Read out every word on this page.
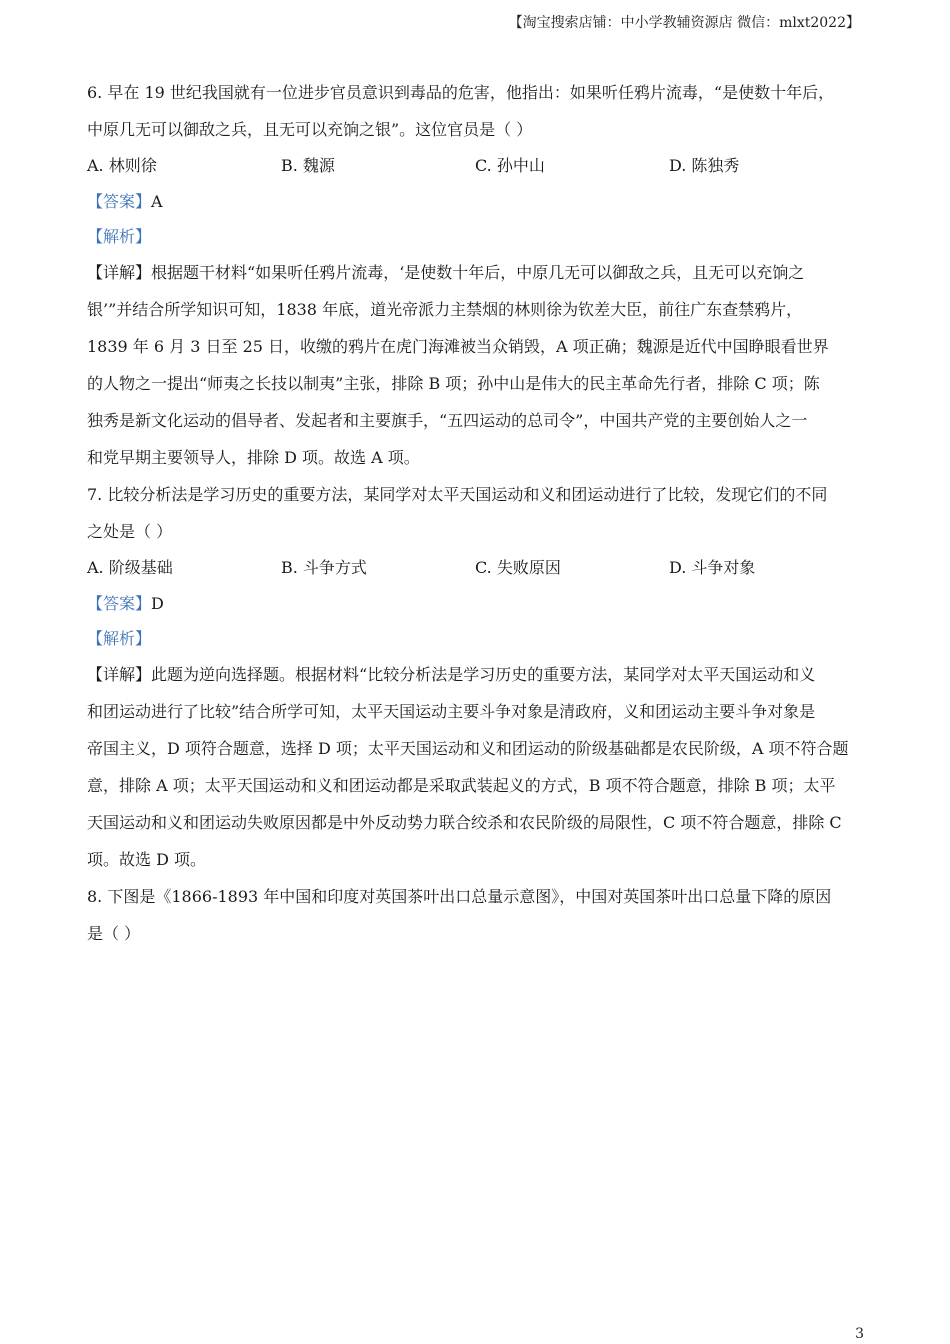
【淘宝搜索店铺：中小学教辅资源店 微信：mlxt2022】
6. 早在 19 世纪我国就有一位进步官员意识到毒品的危害，他指出：如果听任鸦片流毒，“是使数十年后，
中原几无可以御敌之兵，且无可以充饷之银”。这位官员是（ ）
A. 林则徐	B. 魏源	C. 孙中山	D. 陈独秀
【答案】A
【解析】
【详解】根据题干材料“如果听任鸦片流毒，‘是使数十年后，中原几无可以御敌之兵，且无可以充饷之
银’”并结合所学知识可知，1838 年底，道光帝派力主禁烟的林则徐为钦差大臣，前往广东查禁鸦片，
1839 年 6 月 3 日至 25 日，收缴的鸦片在虎门海滩被当众销毁，A 项正确；魏源是近代中国睁眼看世界
的人物之一提出“师夷之长技以制夷”主张，排除 B 项；孙中山是伟大的民主革命先行者，排除 C 项；陈
独秀是新文化运动的倡导者、发起者和主要旗手，“五四运动的总司令”，中国共产党的主要创始人之一
和党早期主要领导人，排除 D 项。故选 A 项。
7. 比较分析法是学习历史的重要方法，某同学对太平天国运动和义和团运动进行了比较，发现它们的不同
之处是（ ）
A. 阶级基础	B. 斗争方式	C. 失败原因	D. 斗争对象
【答案】D
【解析】
【详解】此题为逆向选择题。根据材料“比较分析法是学习历史的重要方法，某同学对太平天国运动和义
和团运动进行了比较”结合所学可知，太平天国运动主要斗争对象是清政府，义和团运动主要斗争对象是
帝国主义，D 项符合题意，选择 D 项；太平天国运动和义和团运动的阶级基础都是农民阶级，A 项不符合题
意，排除 A 项；太平天国运动和义和团运动都是采取武装起义的方式，B 项不符合题意，排除 B 项；太平
天国运动和义和团运动失败原因都是中外反动势力联合绞杀和农民阶级的局限性，C 项不符合题意，排除 C
项。故选 D 项。
8. 下图是《1866-1893 年中国和印度对英国茶叶出口总量示意图》，中国对英国茶叶出口总量下降的原因
是（ ）
3
